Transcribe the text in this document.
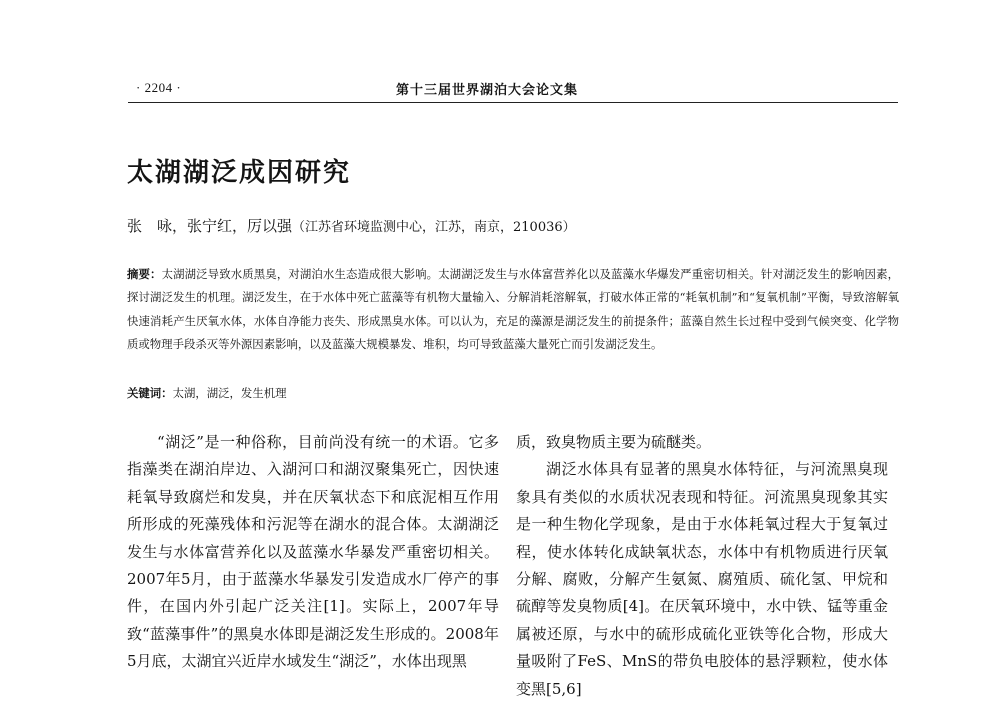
· 2204 ·	第十三届世界湖泊大会论文集
太湖湖泛成因研究
张　咏，张宁红，厉以强（江苏省环境监测中心，江苏，南京，210036）
摘要：太湖湖泛导致水质黑臭，对湖泊水生态造成很大影响。太湖湖泛发生与水体富营养化以及蓝藻水华爆发严重密切相关。针对湖泛发生的影响因素，探讨湖泛发生的机理。湖泛发生，在于水体中死亡蓝藻等有机物大量输入、分解消耗溶解氧，打破水体正常的“耗氧机制”和“复氧机制”平衡，导致溶解氧快速消耗产生厌氧水体，水体自净能力丧失、形成黑臭水体。可以认为，充足的藻源是湖泛发生的前提条件；蓝藻自然生长过程中受到气候突变、化学物质或物理手段杀灭等外源因素影响，以及蓝藻大规模暴发、堆积，均可导致蓝藻大量死亡而引发湖泛发生。
关键词：太湖，湖泛，发生机理

“湖泛”是一种俗称，目前尚没有统一的术语。它多指藻类在湖泊岸边、入湖河口和湖汊聚集死亡，因快速耗氧导致腐烂和发臭，并在厌氧状态下和底泥相互作用所形成的死藻残体和污泥等在湖水的混合体。太湖湖泛发生与水体富营养化以及蓝藻水华暴发严重密切相关。2007年5月，由于蓝藻水华暴发引发造成水厂停产的事件，在国内外引起广泛关注[1]。实际上，2007年导致“蓝藻事件”的黑臭水体即是湖泛发生形成的。2008年5月底，太湖宜兴近岸水域发生“湖泛”，水体出现黑

质，致臭物质主要为硫醚类。

湖泛水体具有显著的黑臭水体特征，与河流黑臭现象具有类似的水质状况表现和特征。河流黑臭现象其实是一种生物化学现象，是由于水体耗氧过程大于复氧过程，使水体转化成缺氧状态，水体中有机物质进行厌氧分解、腐败，分解产生氨氮、腐殖质、硫化氢、甲烷和硫醇等发臭物质[4]。在厌氧环境中，水中铁、锰等重金属被还原，与水中的硫形成硫化亚铁等化合物，形成大量吸附了FeS、MnS的带负电胶体的悬浮颗粒，使水体变黑[5,6]
